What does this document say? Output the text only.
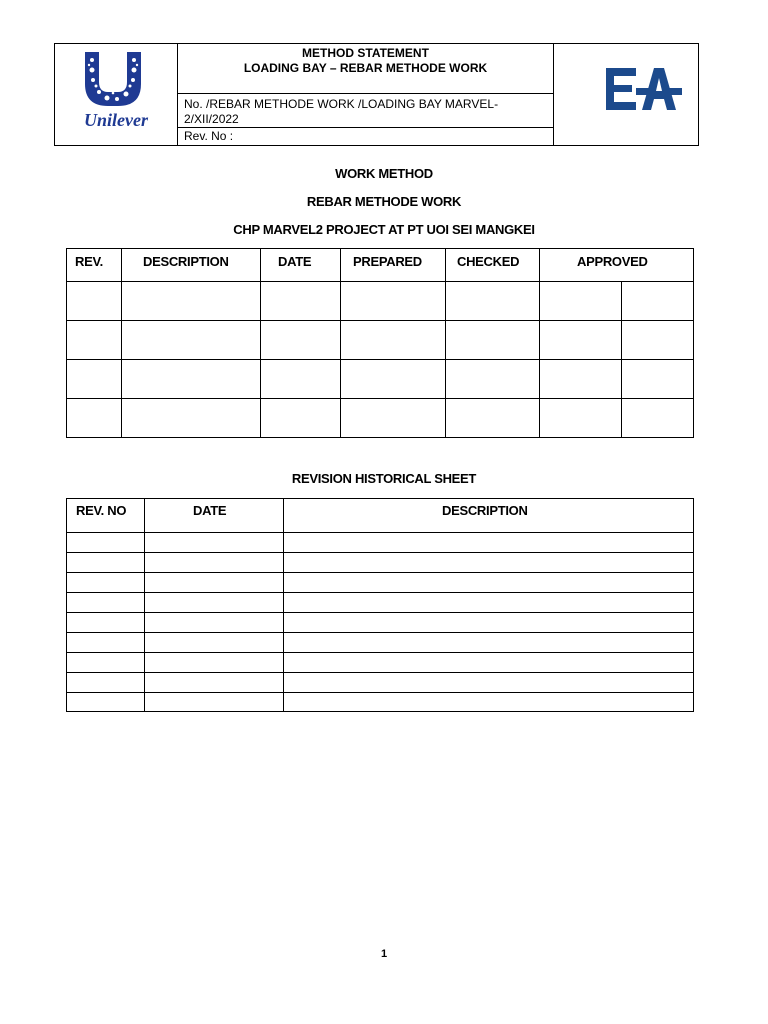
Unilever
METHOD STATEMENT
LOADING BAY – REBAR METHODE WORK
No. /REBAR METHODE WORK /LOADING BAY MARVEL-
2/XII/2022
Rev. No :
EA
WORK METHOD
REBAR METHODE WORK
CHP MARVEL2 PROJECT AT PT UOI SEI MANGKEI
REV.	DESCRIPTION	DATE	PREPARED	CHECKED	APPROVED
REVISION HISTORICAL SHEET
REV. NO	DATE	DESCRIPTION
1
